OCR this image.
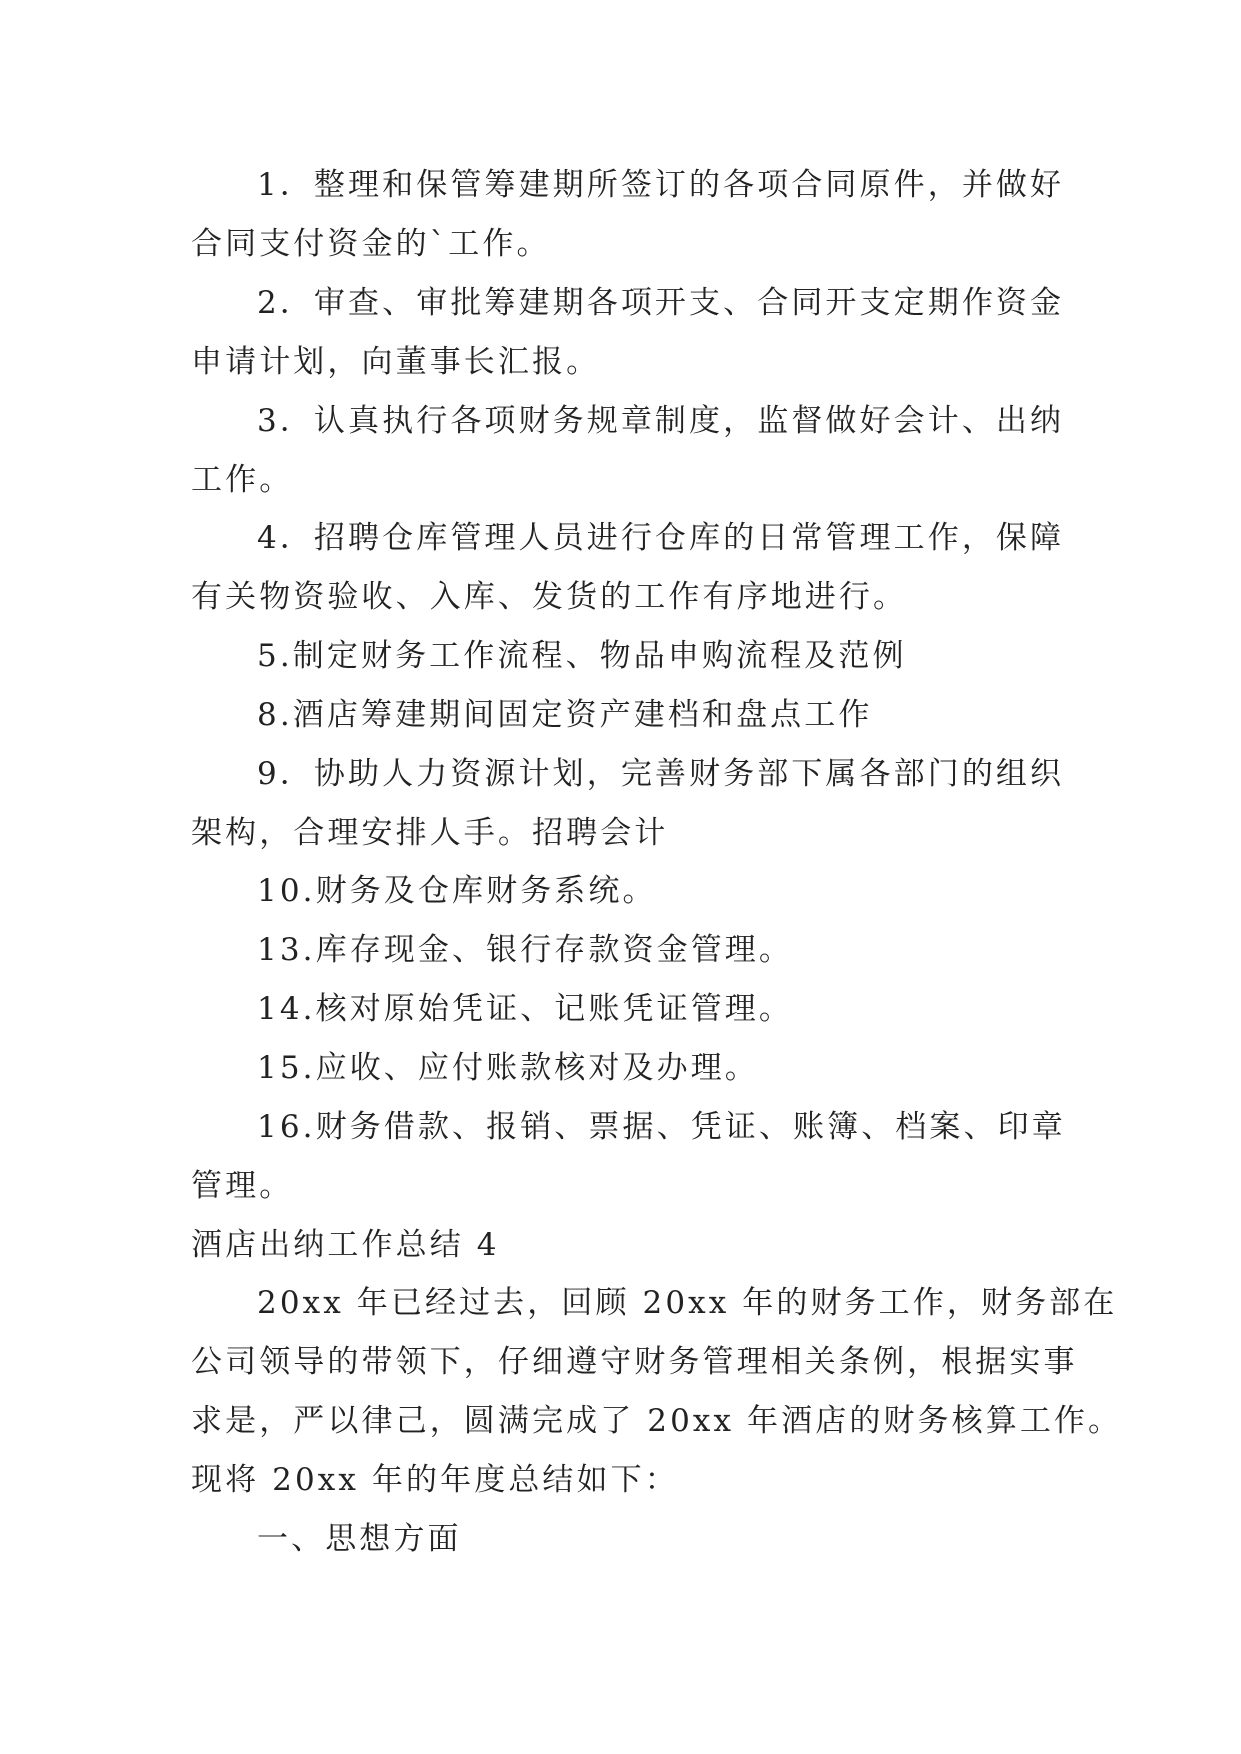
1．整理和保管筹建期所签订的各项合同原件，并做好
合同支付资金的`工作。
2．审查、审批筹建期各项开支、合同开支定期作资金
申请计划，向董事长汇报。
3．认真执行各项财务规章制度，监督做好会计、出纳
工作。
4．招聘仓库管理人员进行仓库的日常管理工作，保障
有关物资验收、入库、发货的工作有序地进行。
5.制定财务工作流程、物品申购流程及范例
8.酒店筹建期间固定资产建档和盘点工作
9．协助人力资源计划，完善财务部下属各部门的组织
架构，合理安排人手。招聘会计
10.财务及仓库财务系统。
13.库存现金、银行存款资金管理。
14.核对原始凭证、记账凭证管理。
15.应收、应付账款核对及办理。
16.财务借款、报销、票据、凭证、账簿、档案、印章
管理。
酒店出纳工作总结 4
20xx 年已经过去，回顾 20xx 年的财务工作，财务部在
公司领导的带领下，仔细遵守财务管理相关条例，根据实事
求是，严以律己，圆满完成了 20xx 年酒店的财务核算工作。
现将 20xx 年的年度总结如下：
一、思想方面
